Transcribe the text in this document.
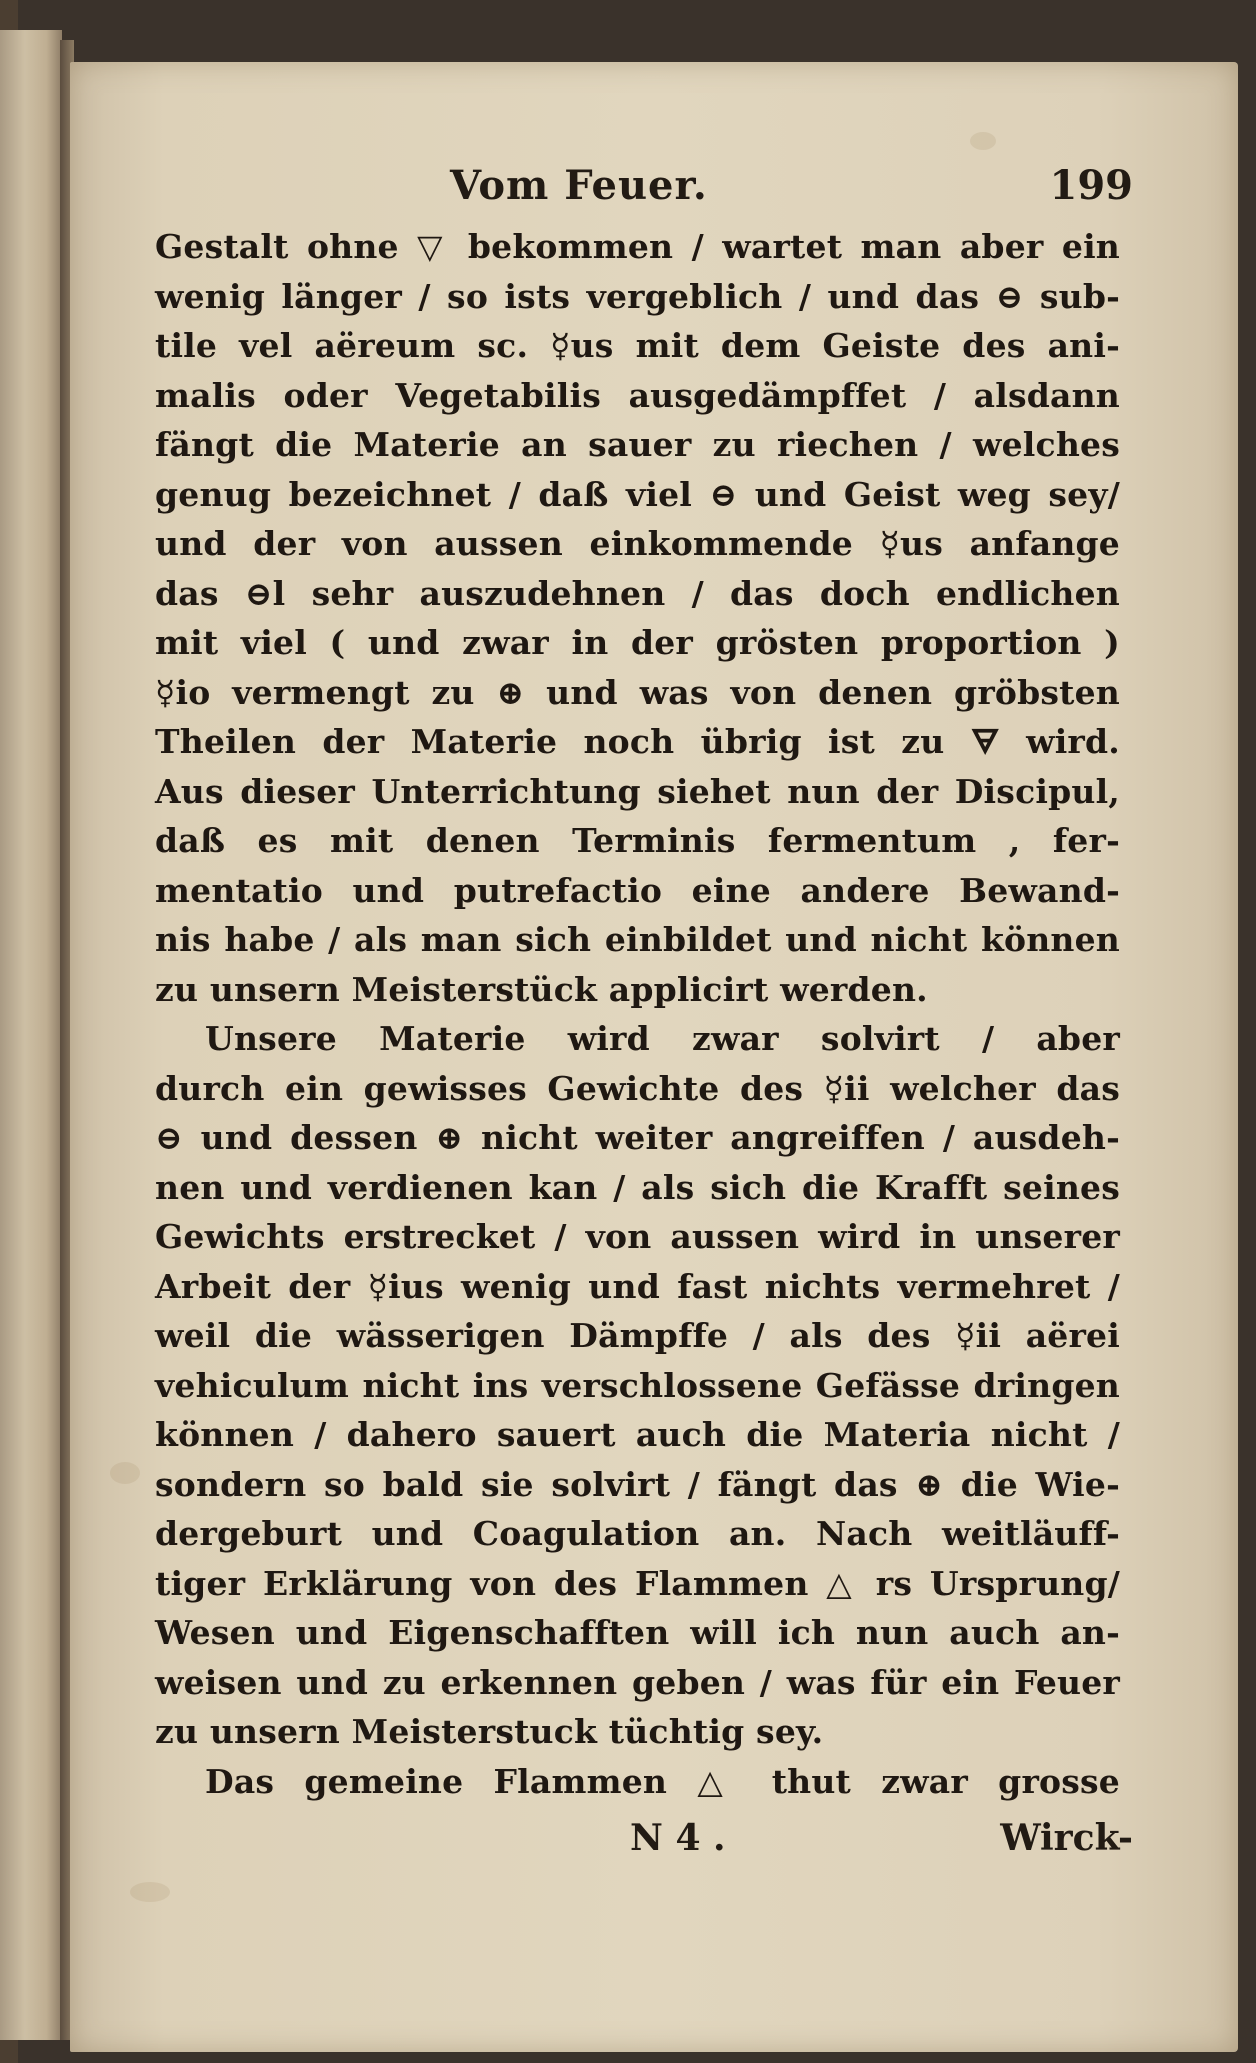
Vom Feuer.	199
Gestalt ohne ▽ bekommen / wartet man aber ein
wenig länger / so ists vergeblich / und das ⊖ sub-
tile vel aëreum sc. ☿us mit dem Geiste des ani-
malis oder Vegetabilis ausgedämpffet / alsdann
fängt die Materie an sauer zu riechen / welches
genug bezeichnet / daß viel ⊖ und Geist weg sey/
und der von aussen einkommende ☿us anfange
das ⊖l sehr auszudehnen / das doch endlichen
mit viel ( und zwar in der grösten proportion )
☿io vermengt zu ⊕ und was von denen gröbsten
Theilen der Materie noch übrig ist zu 🜃 wird.
Aus dieser Unterrichtung siehet nun der Discipul,
daß es mit denen Terminis fermentum , fer-
mentatio und putrefactio eine andere Bewand-
nis habe / als man sich einbildet und nicht können
zu unsern Meisterstück applicirt werden.
Unsere Materie wird zwar solvirt / aber
durch ein gewisses Gewichte des ☿ii welcher das
⊖ und dessen ⊕ nicht weiter angreiffen / ausdeh-
nen und verdienen kan / als sich die Krafft seines
Gewichts erstrecket / von aussen wird in unserer
Arbeit der ☿ius wenig und fast nichts vermehret /
weil die wässerigen Dämpffe / als des ☿ii aërei
vehiculum nicht ins verschlossene Gefässe dringen
können / dahero sauert auch die Materia nicht /
sondern so bald sie solvirt / fängt das ⊕ die Wie-
dergeburt und Coagulation an. Nach weitläuff-
tiger Erklärung von des Flammen △ rs Ursprung/
Wesen und Eigenschafften will ich nun auch an-
weisen und zu erkennen geben / was für ein Feuer
zu unsern Meisterstuck tüchtig sey.
Das gemeine Flammen △ thut zwar grosse
N 4 .	Wirck-
